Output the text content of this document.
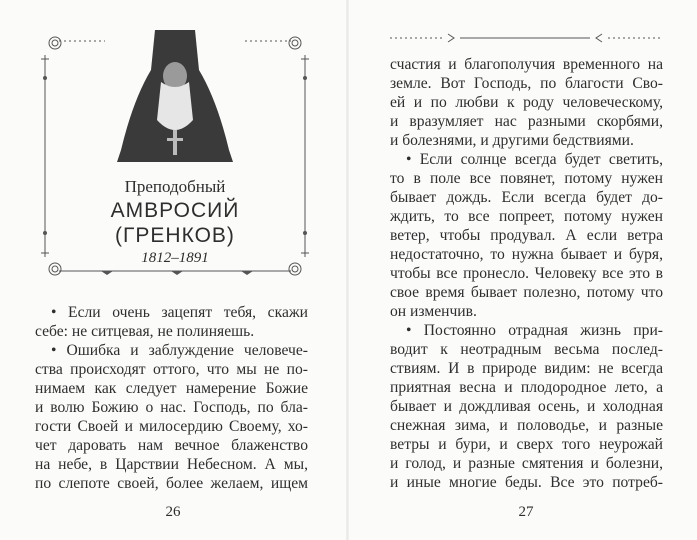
Преподобный
АМВРОСИЙ
(ГРЕНКОВ)
1812–1891
• Если очень зацепят тебя, скажи
себе: не ситцевая, не полиняешь.
• Ошибка и заблуждение человече-
ства происходят оттого, что мы не по-
нимаем как следует намерение Божие
и волю Божию о нас. Господь, по бла-
гости Своей и милосердию Своему, хо-
чет даровать нам вечное блаженство
на небе, в Царствии Небесном. А мы,
по слепоте своей, более желаем, ищем
26
счастия и благополучия временного на
земле. Вот Господь, по благости Сво-
ей и по любви к роду человеческому,
и вразумляет нас разными скорбями,
и болезнями, и другими бедствиями.
• Если солнце всегда будет светить,
то в поле все повянет, потому нужен
бывает дождь. Если всегда будет до-
ждить, то все попреет, потому нужен
ветер, чтобы продувал. А если ветра
недостаточно, то нужна бывает и буря,
чтобы все пронесло. Человеку все это в
свое время бывает полезно, потому что
он изменчив.
• Постоянно отрадная жизнь при-
водит к неотрадным весьма послед-
ствиям. И в природе видим: не всегда
приятная весна и плодородное лето, а
бывает и дождливая осень, и холодная
снежная зима, и половодье, и разные
ветры и бури, и сверх того неурожай
и голод, и разные смятения и болезни,
и иные многие беды. Все это потреб-
27
